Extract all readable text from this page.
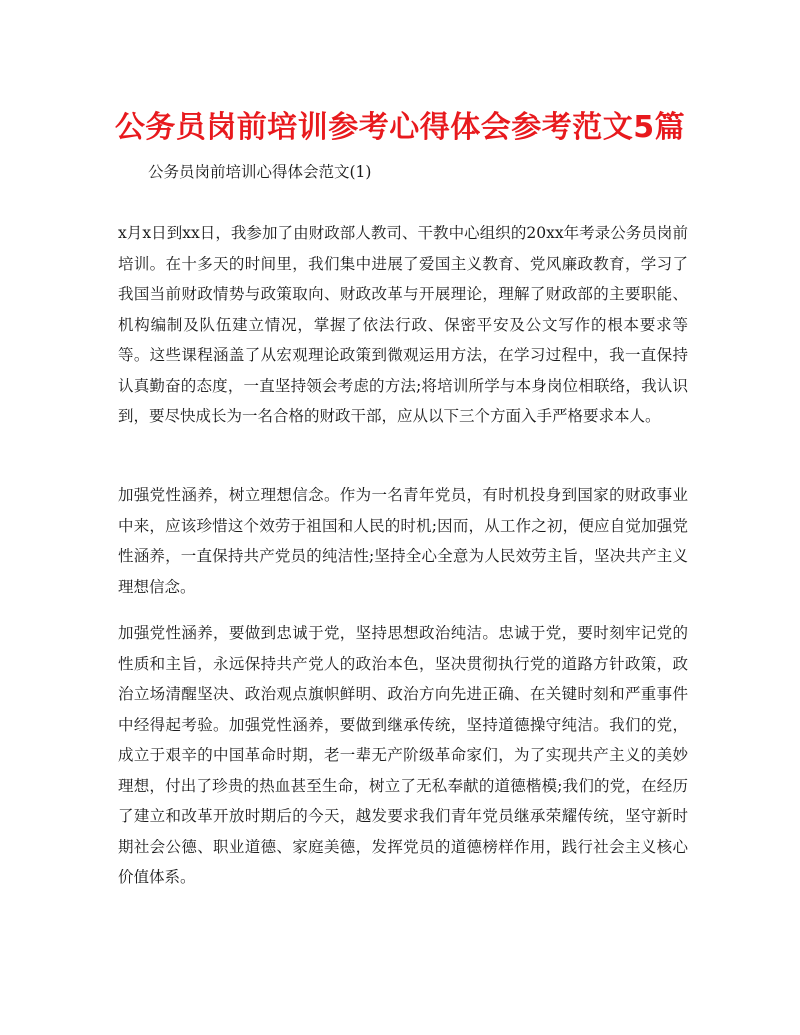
公务员岗前培训参考心得体会参考范文5篇

公务员岗前培训心得体会范文(1)

x月x日到xx日，我参加了由财政部人教司、干教中心组织的20xx年考录公务员岗前培训。在十多天的时间里，我们集中进展了爱国主义教育、党风廉政教育，学习了我国当前财政情势与政策取向、财政改革与开展理论，理解了财政部的主要职能、机构编制及队伍建立情况，掌握了依法行政、保密平安及公文写作的根本要求等等。这些课程涵盖了从宏观理论政策到微观运用方法，在学习过程中，我一直保持认真勤奋的态度，一直坚持领会考虑的方法;将培训所学与本身岗位相联络，我认识到，要尽快成长为一名合格的财政干部，应从以下三个方面入手严格要求本人。

加强党性涵养，树立理想信念。作为一名青年党员，有时机投身到国家的财政事业中来，应该珍惜这个效劳于祖国和人民的时机;因而，从工作之初，便应自觉加强党性涵养，一直保持共产党员的纯洁性;坚持全心全意为人民效劳主旨，坚决共产主义理想信念。

加强党性涵养，要做到忠诚于党，坚持思想政治纯洁。忠诚于党，要时刻牢记党的性质和主旨，永远保持共产党人的政治本色，坚决贯彻执行党的道路方针政策，政治立场清醒坚决、政治观点旗帜鲜明、政治方向先进正确、在关键时刻和严重事件中经得起考验。加强党性涵养，要做到继承传统，坚持道德操守纯洁。我们的党，成立于艰辛的中国革命时期，老一辈无产阶级革命家们，为了实现共产主义的美妙理想，付出了珍贵的热血甚至生命，树立了无私奉献的道德楷模;我们的党，在经历了建立和改革开放时期后的今天，越发要求我们青年党员继承荣耀传统，坚守新时期社会公德、职业道德、家庭美德，发挥党员的道德榜样作用，践行社会主义核心价值体系。
